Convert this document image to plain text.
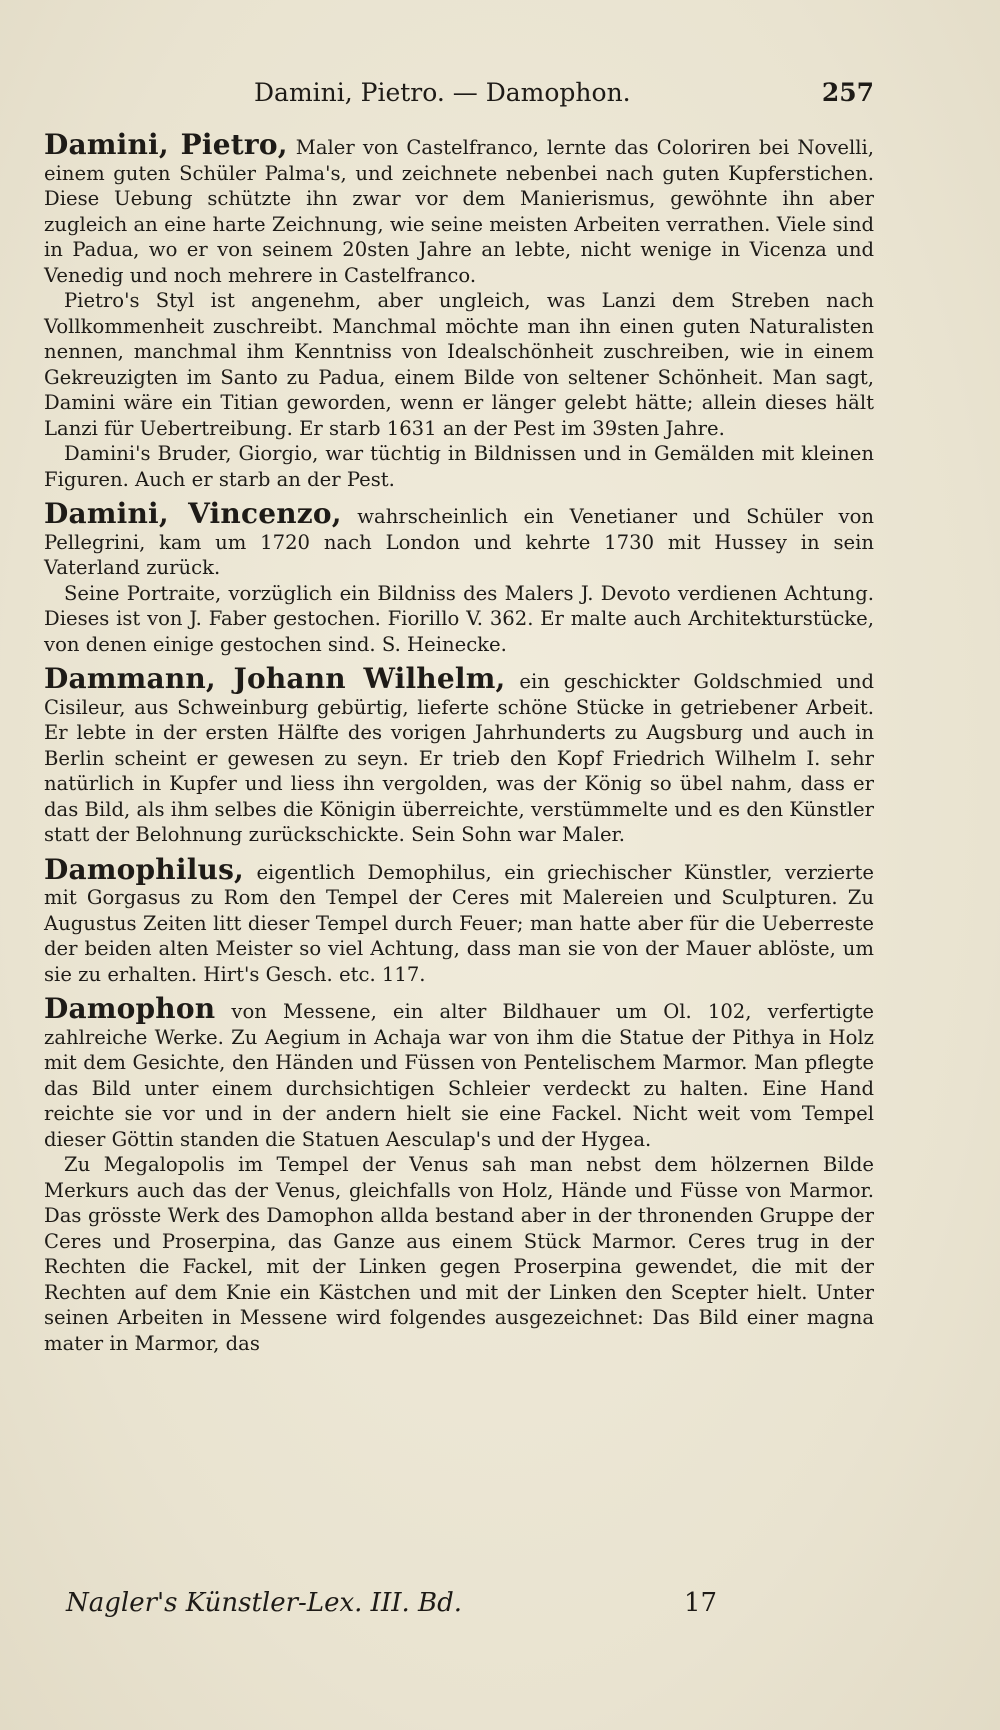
Damini, Pietro. — Damophon.	257

Damini, Pietro, Maler von Castelfranco, lernte das Coloriren bei Novelli, einem guten Schüler Palma's, und zeichnete nebenbei nach guten Kupferstichen. Diese Uebung schützte ihn zwar vor dem Manierismus, gewöhnte ihn aber zugleich an eine harte Zeichnung, wie seine meisten Arbeiten verrathen. Viele sind in Padua, wo er von seinem 20sten Jahre an lebte, nicht wenige in Vicenza und Venedig und noch mehrere in Castelfranco.

Pietro's Styl ist angenehm, aber ungleich, was Lanzi dem Streben nach Vollkommenheit zuschreibt. Manchmal möchte man ihn einen guten Naturalisten nennen, manchmal ihm Kenntniss von Idealschönheit zuschreiben, wie in einem Gekreuzigten im Santo zu Padua, einem Bilde von seltener Schönheit. Man sagt, Damini wäre ein Titian geworden, wenn er länger gelebt hätte; allein dieses hält Lanzi für Uebertreibung. Er starb 1631 an der Pest im 39sten Jahre.

Damini's Bruder, Giorgio, war tüchtig in Bildnissen und in Gemälden mit kleinen Figuren. Auch er starb an der Pest.

Damini, Vincenzo, wahrscheinlich ein Venetianer und Schüler von Pellegrini, kam um 1720 nach London und kehrte 1730 mit Hussey in sein Vaterland zurück.

Seine Portraite, vorzüglich ein Bildniss des Malers J. Devoto verdienen Achtung. Dieses ist von J. Faber gestochen. Fiorillo V. 362. Er malte auch Architekturstücke, von denen einige gestochen sind. S. Heinecke.

Dammann, Johann Wilhelm, ein geschickter Goldschmied und Cisileur, aus Schweinburg gebürtig, lieferte schöne Stücke in getriebener Arbeit. Er lebte in der ersten Hälfte des vorigen Jahrhunderts zu Augsburg und auch in Berlin scheint er gewesen zu seyn. Er trieb den Kopf Friedrich Wilhelm I. sehr natürlich in Kupfer und liess ihn vergolden, was der König so übel nahm, dass er das Bild, als ihm selbes die Königin überreichte, verstümmelte und es den Künstler statt der Belohnung zurückschickte. Sein Sohn war Maler.

Damophilus, eigentlich Demophilus, ein griechischer Künstler, verzierte mit Gorgasus zu Rom den Tempel der Ceres mit Malereien und Sculpturen. Zu Augustus Zeiten litt dieser Tempel durch Feuer; man hatte aber für die Ueberreste der beiden alten Meister so viel Achtung, dass man sie von der Mauer ablöste, um sie zu erhalten. Hirt's Gesch. etc. 117.

Damophon von Messene, ein alter Bildhauer um Ol. 102, verfertigte zahlreiche Werke. Zu Aegium in Achaja war von ihm die Statue der Pithya in Holz mit dem Gesichte, den Händen und Füssen von Pentelischem Marmor. Man pflegte das Bild unter einem durchsichtigen Schleier verdeckt zu halten. Eine Hand reichte sie vor und in der andern hielt sie eine Fackel. Nicht weit vom Tempel dieser Göttin standen die Statuen Aesculap's und der Hygea.

Zu Megalopolis im Tempel der Venus sah man nebst dem hölzernen Bilde Merkurs auch das der Venus, gleichfalls von Holz, Hände und Füsse von Marmor. Das grösste Werk des Damophon allda bestand aber in der thronenden Gruppe der Ceres und Proserpina, das Ganze aus einem Stück Marmor. Ceres trug in der Rechten die Fackel, mit der Linken gegen Proserpina gewendet, die mit der Rechten auf dem Knie ein Kästchen und mit der Linken den Scepter hielt. Unter seinen Arbeiten in Messene wird folgendes ausgezeichnet: Das Bild einer magna mater in Marmor, das

Nagler's Künstler-Lex. III. Bd.	17
